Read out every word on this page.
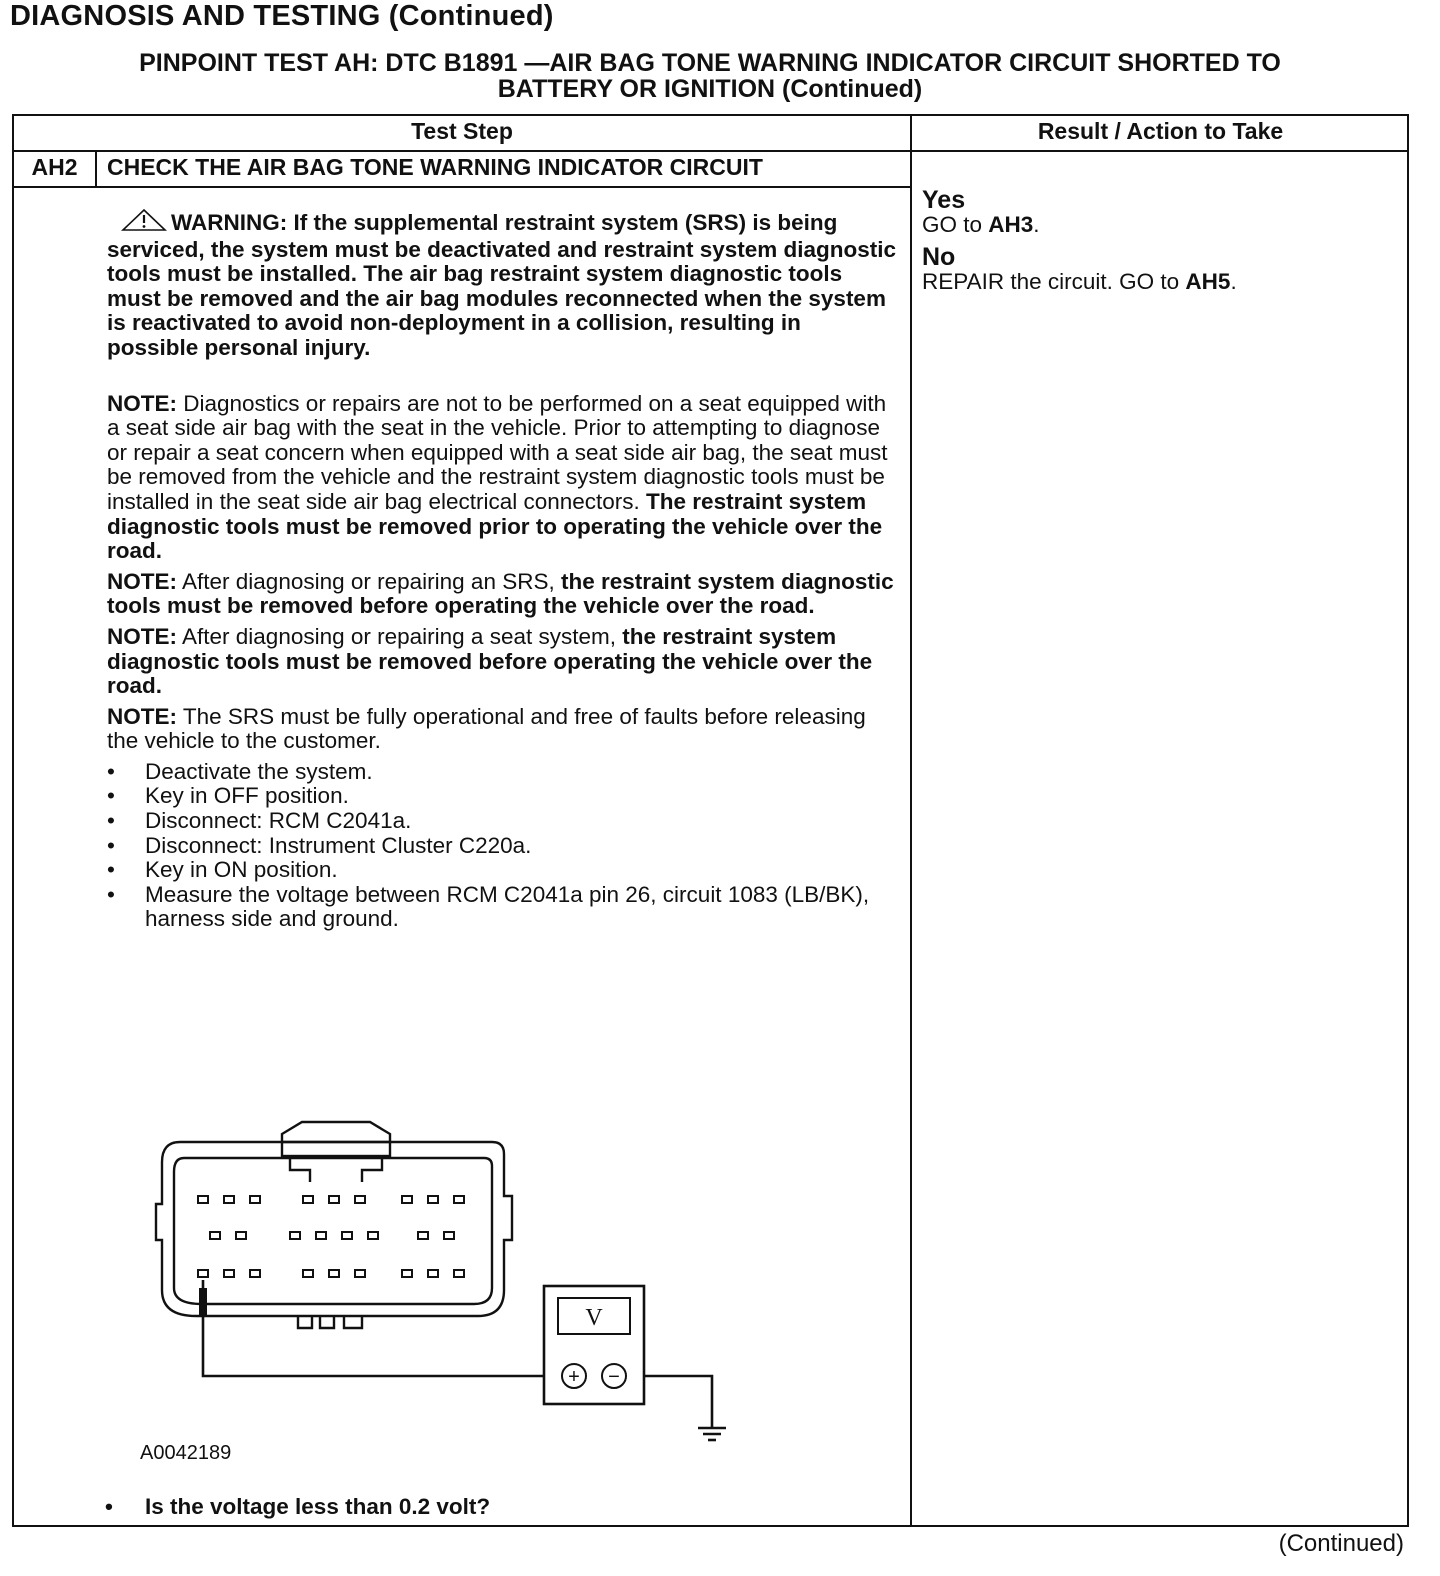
DIAGNOSIS AND TESTING (Continued)
PINPOINT TEST AH: DTC B1891 —AIR BAG TONE WARNING INDICATOR CIRCUIT SHORTED TO
BATTERY OR IGNITION (Continued)
Test Step	Result / Action to Take
AH2	CHECK THE AIR BAG TONE WARNING INDICATOR CIRCUIT

WARNING: If the supplemental restraint system (SRS) is being serviced, the system must be deactivated and restraint system diagnostic tools must be installed. The air bag restraint system diagnostic tools must be removed and the air bag modules reconnected when the system is reactivated to avoid non-deployment in a collision, resulting in possible personal injury.

NOTE: Diagnostics or repairs are not to be performed on a seat equipped with a seat side air bag with the seat in the vehicle. Prior to attempting to diagnose or repair a seat concern when equipped with a seat side air bag, the seat must be removed from the vehicle and the restraint system diagnostic tools must be installed in the seat side air bag electrical connectors. The restraint system diagnostic tools must be removed prior to operating the vehicle over the road.

NOTE: After diagnosing or repairing an SRS, the restraint system diagnostic tools must be removed before operating the vehicle over the road.

NOTE: After diagnosing or repairing a seat system, the restraint system diagnostic tools must be removed before operating the vehicle over the road.

NOTE: The SRS must be fully operational and free of faults before releasing the vehicle to the customer.

• Deactivate the system.
• Key in OFF position.
• Disconnect: RCM C2041a.
• Disconnect: Instrument Cluster C220a.
• Key in ON position.
• Measure the voltage between RCM C2041a pin 26, circuit 1083 (LB/BK), harness side and ground.
Yes
GO to AH3.
No
REPAIR the circuit. GO to AH5.
V
+ −
A0042189
• Is the voltage less than 0.2 volt?
(Continued)
